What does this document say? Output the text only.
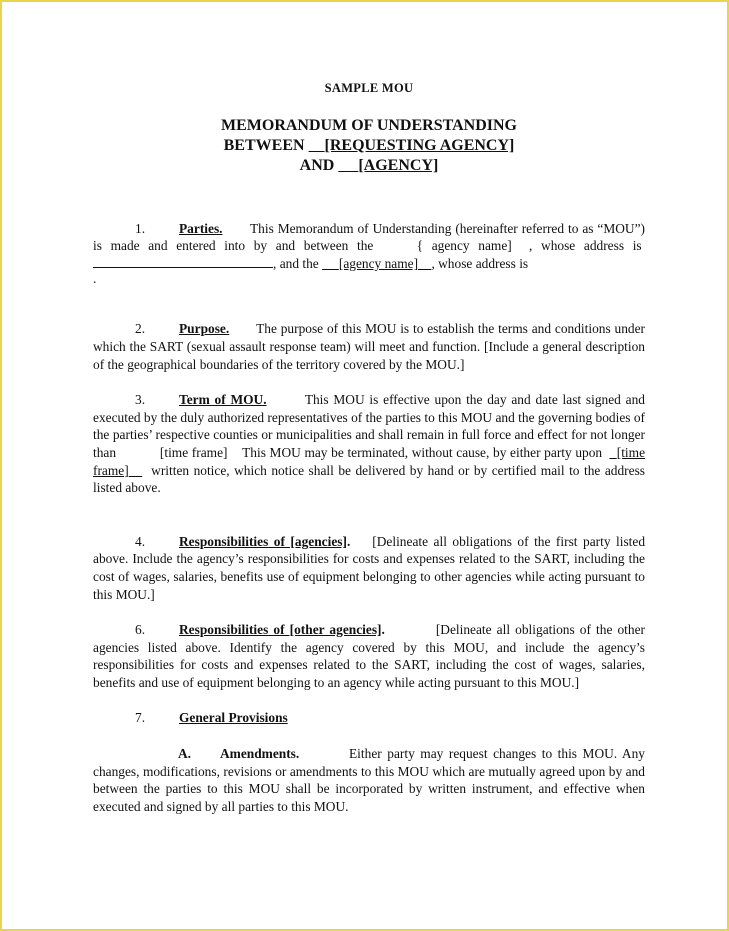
SAMPLE MOU
MEMORANDUM OF UNDERSTANDING
BETWEEN [REQUESTING AGENCY]
AND [AGENCY]

1.	Parties. This Memorandum of Understanding (hereinafter referred to as “MOU”) is made and entered into by and between the	{ agency name] , whose address is , and the [agency name] , whose address is

.

2.	Purpose. The purpose of this MOU is to establish the terms and conditions under which the SART (sexual assault response team) will meet and function. [Include a general description of the geographical boundaries of the territory covered by the MOU.]

3.	Term of MOU.	This MOU is effective upon the day and date last signed and executed by the duly authorized representatives of the parties to this MOU and the governing bodies of the parties’ respective counties or municipalities and shall remain in full force and effect for not longer than	[time frame] This MOU may be terminated, without cause, by either party upon [time frame] written notice, which notice shall be delivered by hand or by certified mail to the address listed above.

4.	Responsibilities of [agencies]. [Delineate all obligations of the first party listed above. Include the agency’s responsibilities for costs and expenses related to the SART, including the cost of wages, salaries, benefits use of equipment belonging to other agencies while acting pursuant to this MOU.]

6.	Responsibilities of [other agencies].	[Delineate all obligations of the other agencies listed above. Identify the agency covered by this MOU, and include the agency’s responsibilities for costs and expenses related to the SART, including the cost of wages, salaries, benefits and use of equipment belonging to an agency while acting pursuant to this MOU.]

7.	General Provisions

A. Amendments.	Either party may request changes to this MOU. Any changes, modifications, revisions or amendments to this MOU which are mutually agreed upon by and between the parties to this MOU shall be incorporated by written instrument, and effective when executed and signed by all parties to this MOU.
